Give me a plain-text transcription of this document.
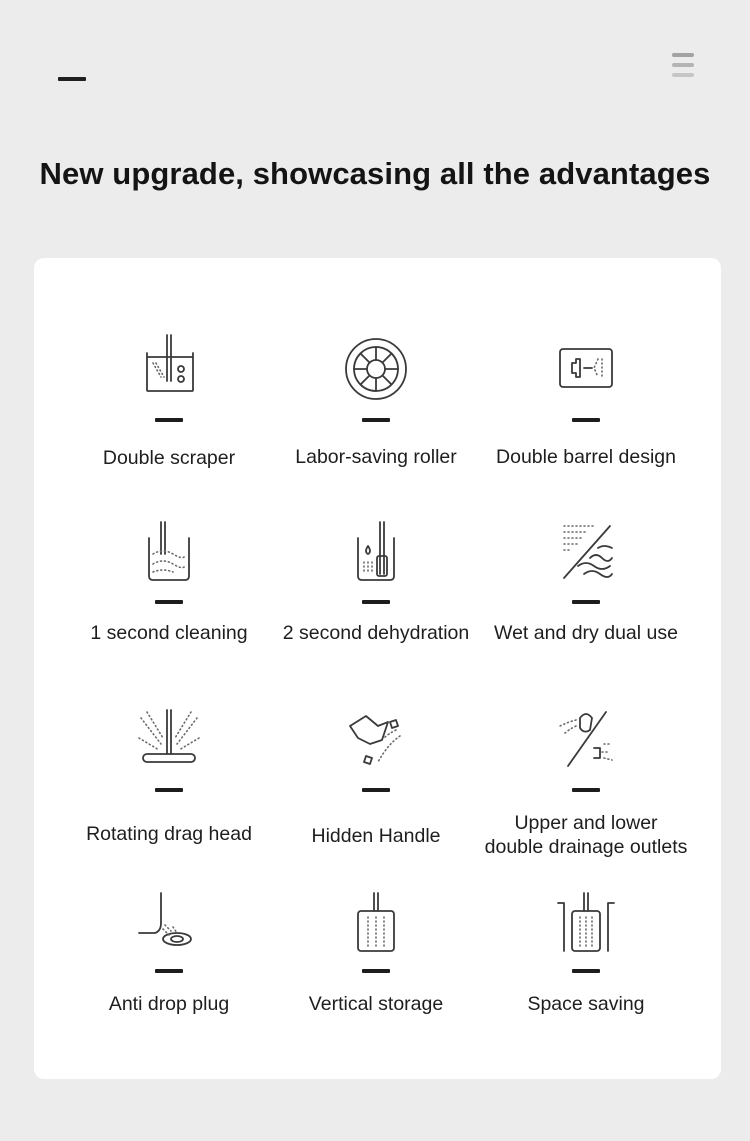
New upgrade, showcasing all the advantages

Double scraper	Labor-saving roller	Double barrel design

1 second cleaning	2 second dehydration	Wet and dry dual use

Rotating drag head	Hidden Handle

Upper and lower
double drainage outlets

Anti drop plug	Vertical storage	Space saving
